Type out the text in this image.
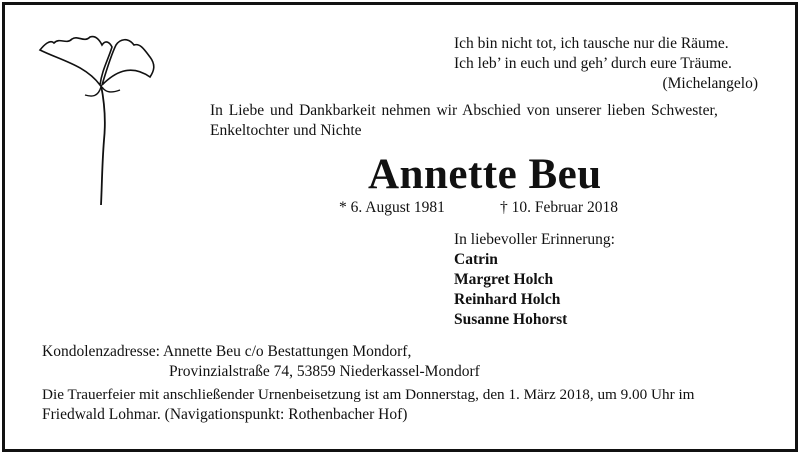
Ich bin nicht tot, ich tausche nur die Räume.
Ich leb’ in euch und geh’ durch eure Träume.
(Michelangelo)
In Liebe und Dankbarkeit nehmen wir Abschied von unserer lieben Schwester,
Enkeltochter und Nichte
Annette Beu
* 6. August 1981	† 10. Februar 2018
In liebevoller Erinnerung:
Catrin
Margret Holch
Reinhard Holch
Susanne Hohorst
Kondolenzadresse: Annette Beu c/o Bestattungen Mondorf,
Provinzialstraße 74, 53859 Niederkassel-Mondorf
Die Trauerfeier mit anschließender Urnenbeisetzung ist am Donnerstag, den 1. März 2018, um 9.00 Uhr im
Friedwald Lohmar. (Navigationspunkt: Rothenbacher Hof)
